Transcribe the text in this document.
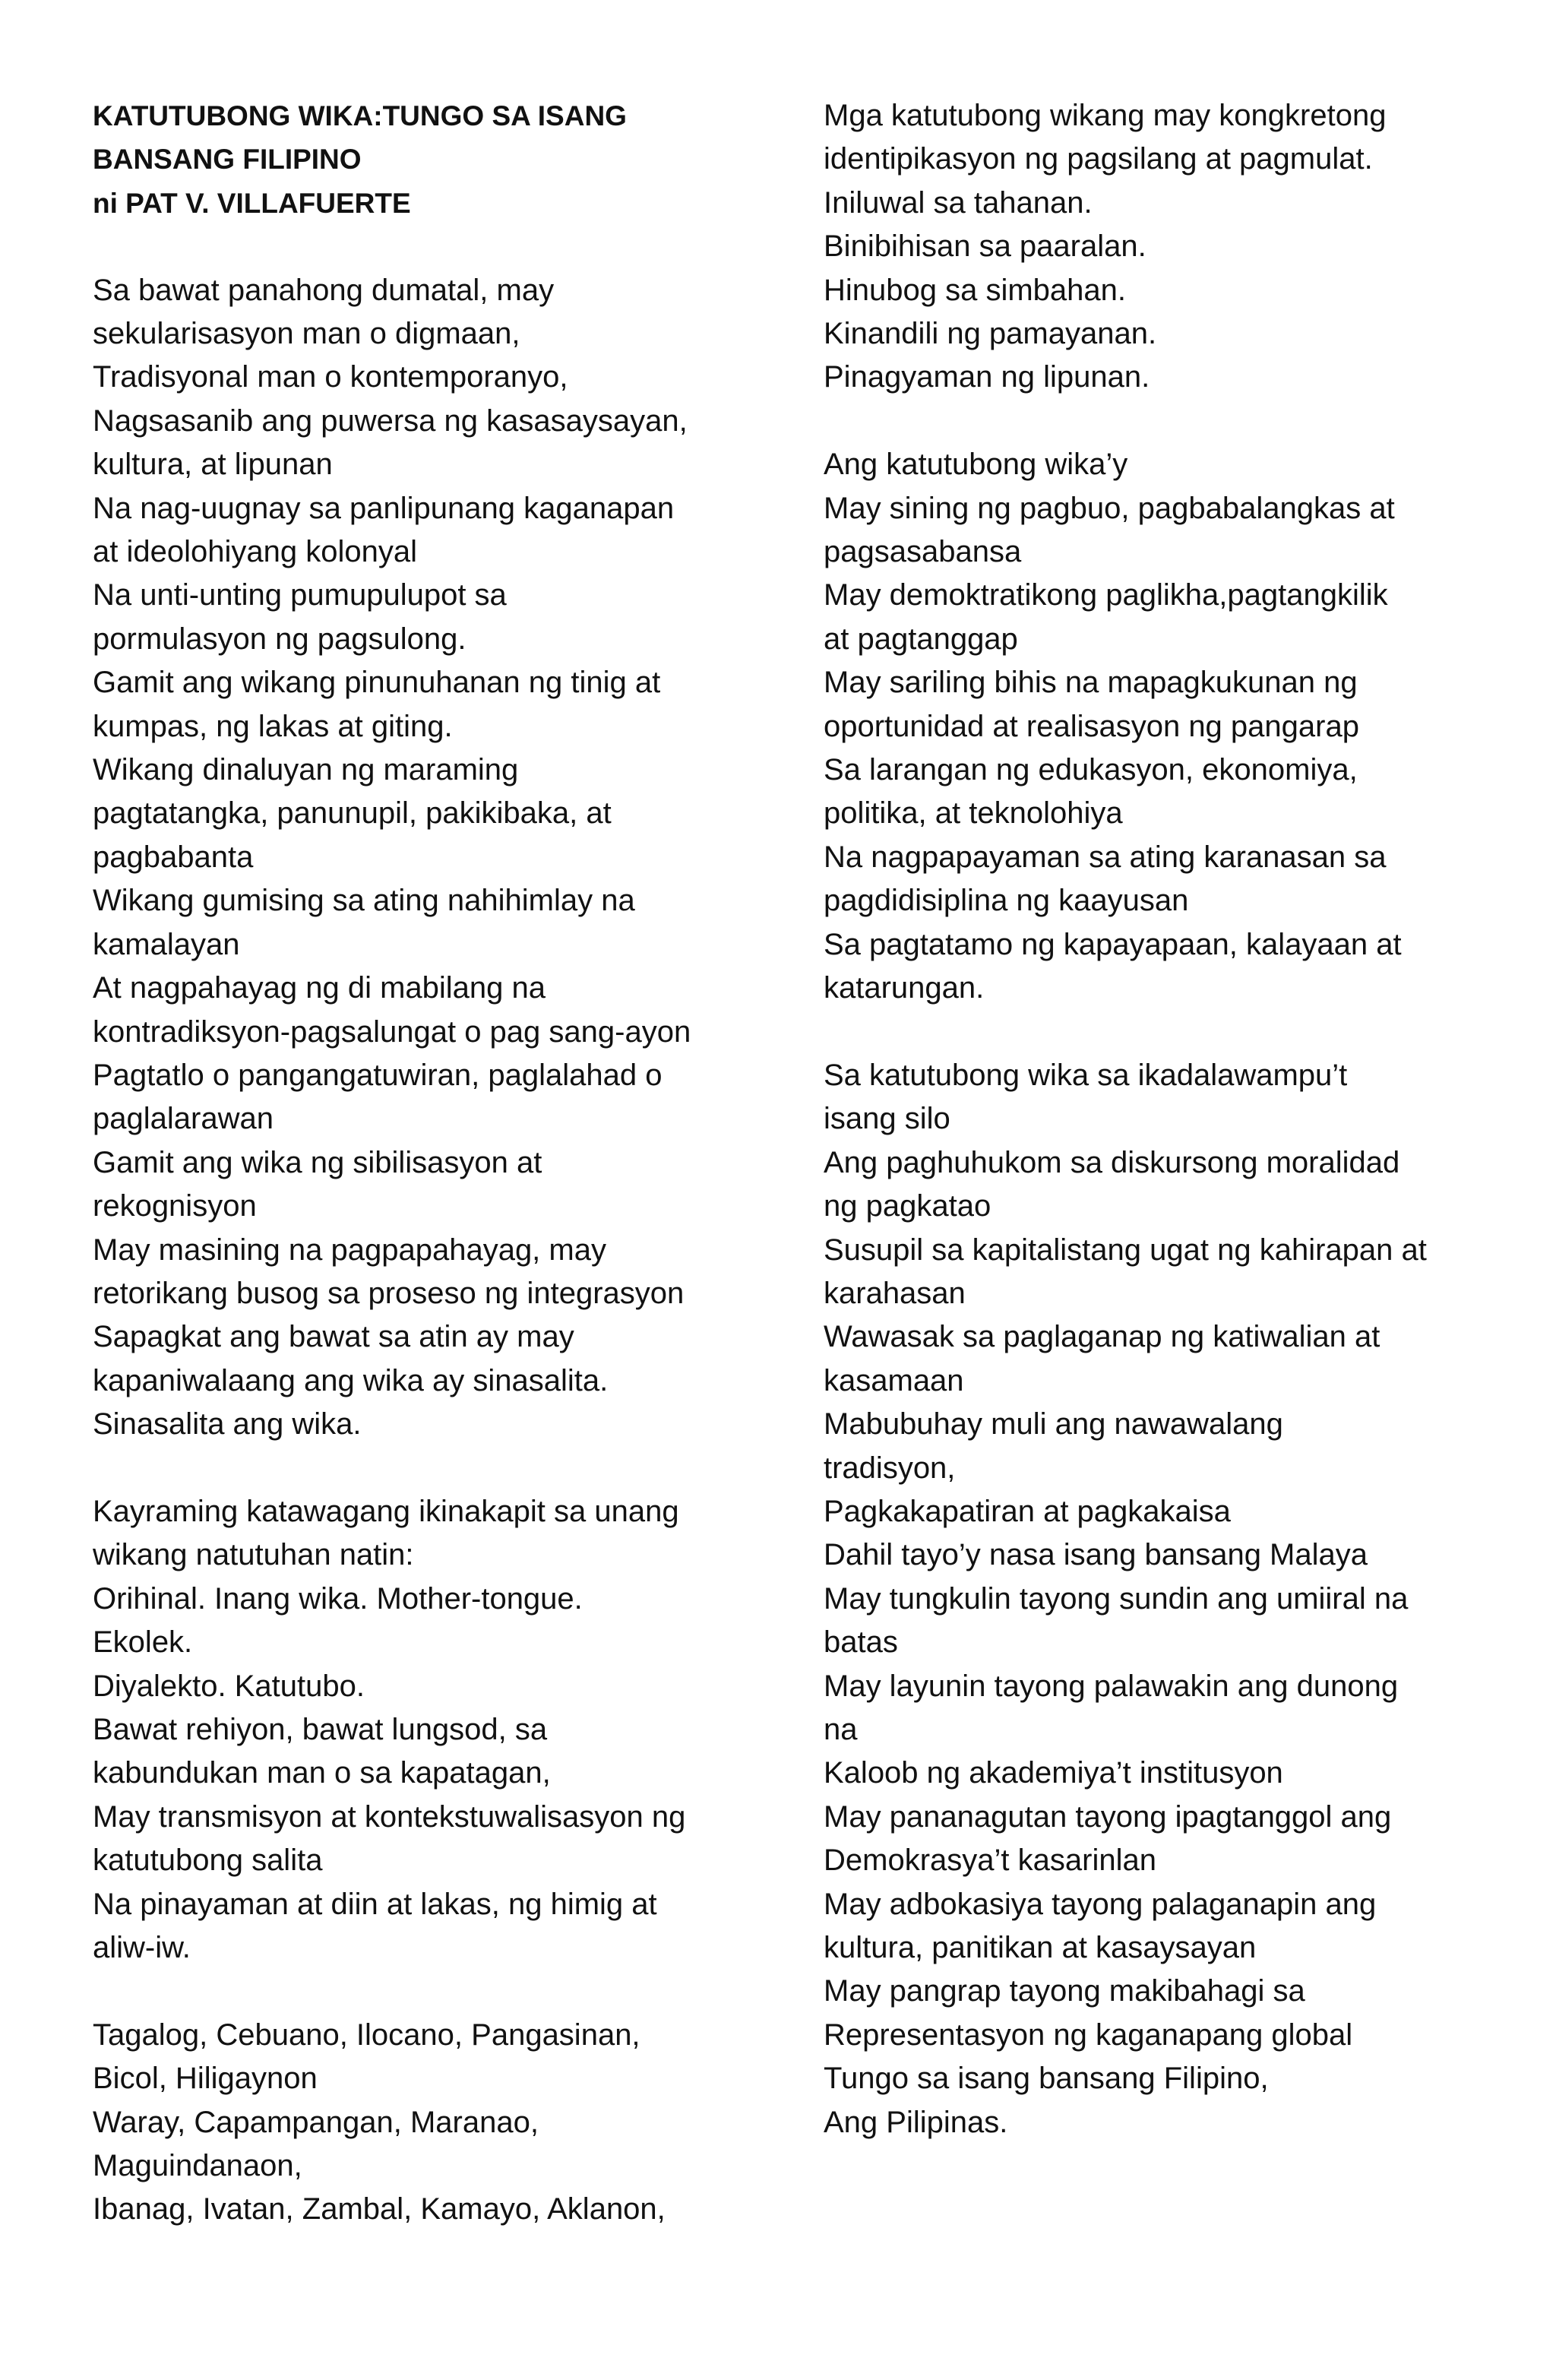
KATUTUBONG WIKA:TUNGO SA ISANG
BANSANG FILIPINO
ni PAT V. VILLAFUERTE
Sa bawat panahong dumatal, may
sekularisasyon man o digmaan,
Tradisyonal man o kontemporanyo,
Nagsasanib ang puwersa ng kasasaysayan,
kultura, at lipunan
Na nag-uugnay sa panlipunang kaganapan
at ideolohiyang kolonyal
Na unti-unting pumupulupot sa
pormulasyon ng pagsulong.
Gamit ang wikang pinunuhanan ng tinig at
kumpas, ng lakas at giting.
Wikang dinaluyan ng maraming
pagtatangka, panunupil, pakikibaka, at
pagbabanta
Wikang gumising sa ating nahihimlay na
kamalayan
At nagpahayag ng di mabilang na
kontradiksyon-pagsalungat o pag sang-ayon
Pagtatlo o pangangatuwiran, paglalahad o
paglalarawan
Gamit ang wika ng sibilisasyon at
rekognisyon
May masining na pagpapahayag, may
retorikang busog sa proseso ng integrasyon
Sapagkat ang bawat sa atin ay may
kapaniwalaang ang wika ay sinasalita.
Sinasalita ang wika.
Kayraming katawagang ikinakapit sa unang
wikang natutuhan natin:
Orihinal. Inang wika. Mother-tongue.
Ekolek.
Diyalekto. Katutubo.
Bawat rehiyon, bawat lungsod, sa
kabundukan man o sa kapatagan,
May transmisyon at kontekstuwalisasyon ng
katutubong salita
Na pinayaman at diin at lakas, ng himig at
aliw-iw.
Tagalog, Cebuano, Ilocano, Pangasinan,
Bicol, Hiligaynon
Waray, Capampangan, Maranao,
Maguindanaon,
Ibanag, Ivatan, Zambal, Kamayo, Aklanon,
Mga katutubong wikang may kongkretong
identipikasyon ng pagsilang at pagmulat.
Iniluwal sa tahanan.
Binibihisan sa paaralan.
Hinubog sa simbahan.
Kinandili ng pamayanan.
Pinagyaman ng lipunan.
Ang katutubong wika’y
May sining ng pagbuo, pagbabalangkas at
pagsasabansa
May demoktratikong paglikha,pagtangkilik
at pagtanggap
May sariling bihis na mapagkukunan ng
oportunidad at realisasyon ng pangarap
Sa larangan ng edukasyon, ekonomiya,
politika, at teknolohiya
Na nagpapayaman sa ating karanasan sa
pagdidisiplina ng kaayusan
Sa pagtatamo ng kapayapaan, kalayaan at
katarungan.
Sa katutubong wika sa ikadalawampu’t
isang silo
Ang paghuhukom sa diskursong moralidad
ng pagkatao
Susupil sa kapitalistang ugat ng kahirapan at
karahasan
Wawasak sa paglaganap ng katiwalian at
kasamaan
Mabubuhay muli ang nawawalang
tradisyon,
Pagkakapatiran at pagkakaisa
Dahil tayo’y nasa isang bansang Malaya
May tungkulin tayong sundin ang umiiral na
batas
May layunin tayong palawakin ang dunong
na
Kaloob ng akademiya’t institusyon
May pananagutan tayong ipagtanggol ang
Demokrasya’t kasarinlan
May adbokasiya tayong palaganapin ang
kultura, panitikan at kasaysayan
May pangrap tayong makibahagi sa
Representasyon ng kaganapang global
Tungo sa isang bansang Filipino,
Ang Pilipinas.
